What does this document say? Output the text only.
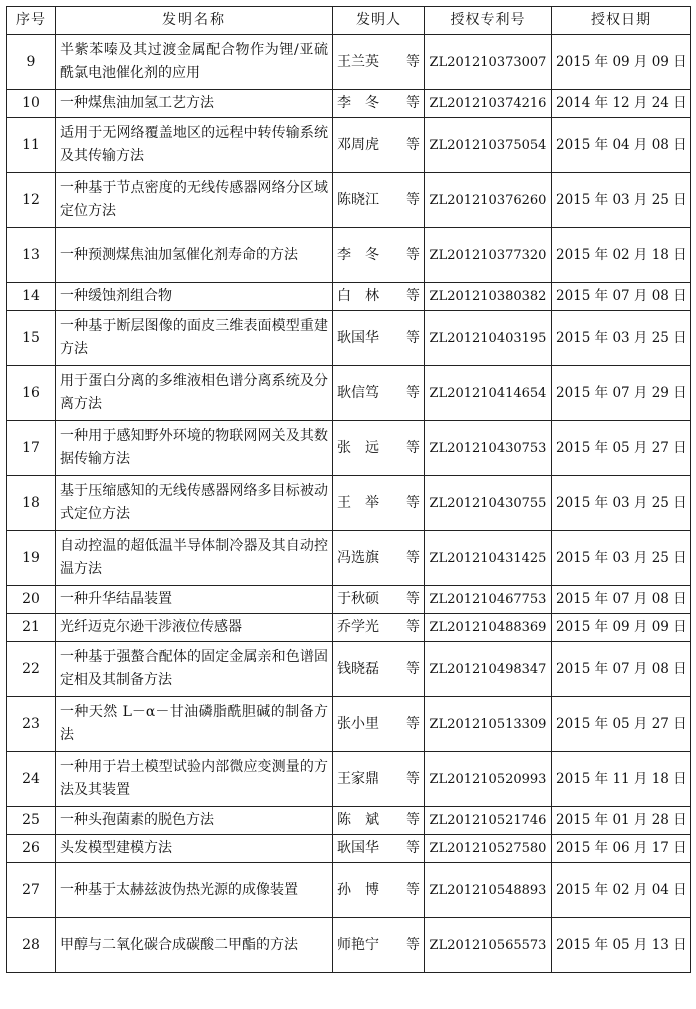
序号	发明名称	发明人	授权专利号	授权日期
9	半紫苯嗪及其过渡金属配合物作为锂/亚硫酰氯电池催化剂的应用	王兰英 等	ZL201210373007	2015 年 09 月 09 日
10	一种煤焦油加氢工艺方法	李　冬 等	ZL201210374216	2014 年 12 月 24 日
11	适用于无网络覆盖地区的远程中转传输系统及其传输方法	邓周虎 等	ZL201210375054	2015 年 04 月 08 日
12	一种基于节点密度的无线传感器网络分区域定位方法	陈晓江 等	ZL201210376260	2015 年 03 月 25 日
13	一种预测煤焦油加氢催化剂寿命的方法	李　冬 等	ZL201210377320	2015 年 02 月 18 日
14	一种缓蚀剂组合物	白　林 等	ZL201210380382	2015 年 07 月 08 日
15	一种基于断层图像的面皮三维表面模型重建方法	耿国华 等	ZL201210403195	2015 年 03 月 25 日
16	用于蛋白分离的多维液相色谱分离系统及分离方法	耿信笃 等	ZL201210414654	2015 年 07 月 29 日
17	一种用于感知野外环境的物联网网关及其数据传输方法	张　远 等	ZL201210430753	2015 年 05 月 27 日
18	基于压缩感知的无线传感器网络多目标被动式定位方法	王　举 等	ZL201210430755	2015 年 03 月 25 日
19	自动控温的超低温半导体制冷器及其自动控温方法	冯选旗 等	ZL201210431425	2015 年 03 月 25 日
20	一种升华结晶装置	于秋硕 等	ZL201210467753	2015 年 07 月 08 日
21	光纤迈克尔逊干涉液位传感器	乔学光 等	ZL201210488369	2015 年 09 月 09 日
22	一种基于强螯合配体的固定金属亲和色谱固定相及其制备方法	钱晓磊 等	ZL201210498347	2015 年 07 月 08 日
23	一种天然 L－α－甘油磷脂酰胆碱的制备方法	张小里 等	ZL201210513309	2015 年 05 月 27 日
24	一种用于岩土模型试验内部微应变测量的方法及其装置	王家鼎 等	ZL201210520993	2015 年 11 月 18 日
25	一种头孢菌素的脱色方法	陈　斌 等	ZL201210521746	2015 年 01 月 28 日
26	头发模型建模方法	耿国华 等	ZL201210527580	2015 年 06 月 17 日
27	一种基于太赫兹波伪热光源的成像装置	孙　博 等	ZL201210548893	2015 年 02 月 04 日
28	甲醇与二氧化碳合成碳酸二甲酯的方法	师艳宁 等	ZL201210565573	2015 年 05 月 13 日
